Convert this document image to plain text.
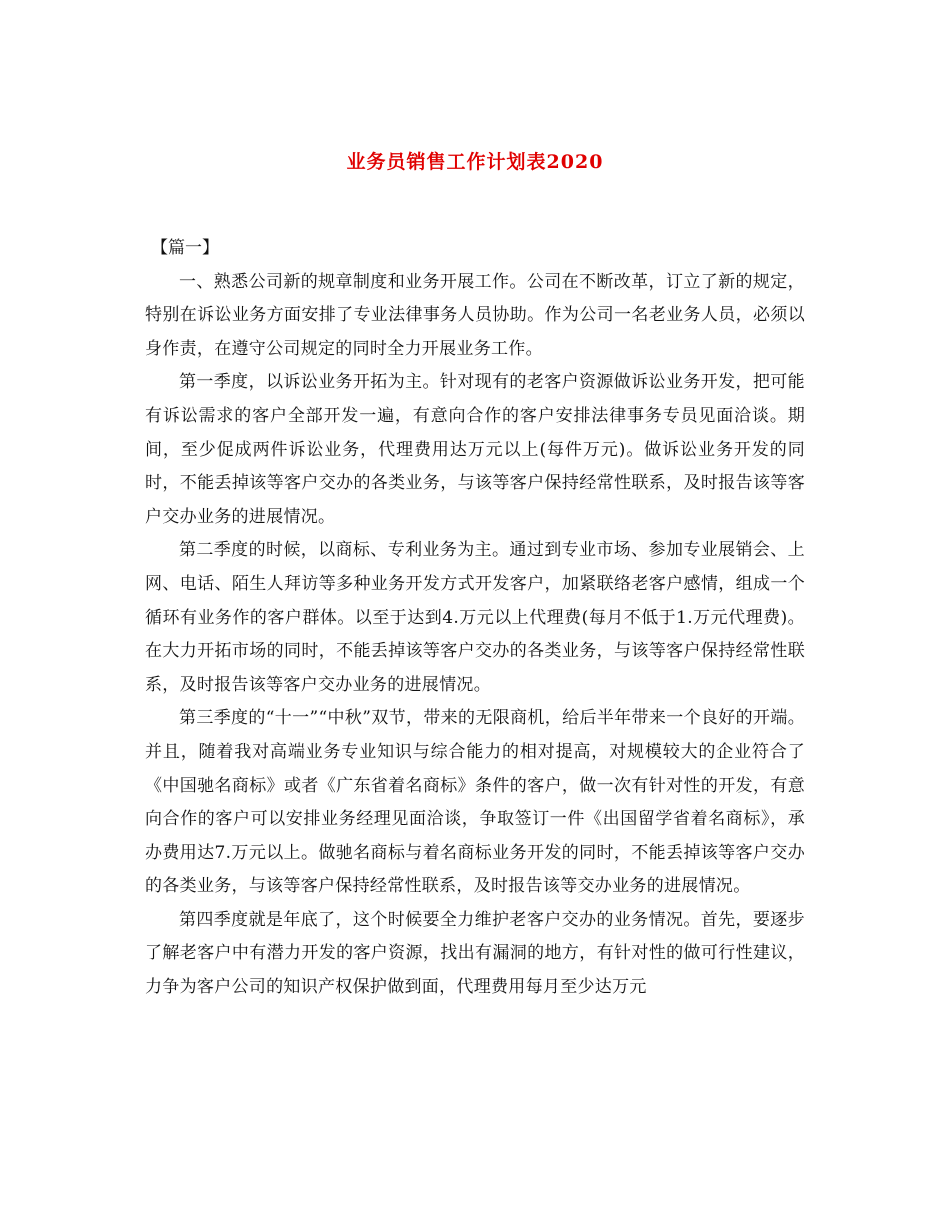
业务员销售工作计划表2020

【篇一】

一、熟悉公司新的规章制度和业务开展工作。公司在不断改革，订立了新的规定，特别在诉讼业务方面安排了专业法律事务人员协助。作为公司一名老业务人员，必须以身作责，在遵守公司规定的同时全力开展业务工作。

第一季度，以诉讼业务开拓为主。针对现有的老客户资源做诉讼业务开发，把可能有诉讼需求的客户全部开发一遍，有意向合作的客户安排法律事务专员见面洽谈。期间，至少促成两件诉讼业务，代理费用达万元以上(每件万元)。做诉讼业务开发的同时，不能丢掉该等客户交办的各类业务，与该等客户保持经常性联系，及时报告该等客户交办业务的进展情况。

第二季度的时候，以商标、专利业务为主。通过到专业市场、参加专业展销会、上网、电话、陌生人拜访等多种业务开发方式开发客户，加紧联络老客户感情，组成一个循环有业务作的客户群体。以至于达到4.万元以上代理费(每月不低于1.万元代理费)。在大力开拓市场的同时，不能丢掉该等客户交办的各类业务，与该等客户保持经常性联系，及时报告该等客户交办业务的进展情况。

第三季度的“十一”“中秋”双节，带来的无限商机，给后半年带来一个良好的开端。并且，随着我对高端业务专业知识与综合能力的相对提高，对规模较大的企业符合了《中国驰名商标》或者《广东省着名商标》条件的客户，做一次有针对性的开发，有意向合作的客户可以安排业务经理见面洽谈，争取签订一件《出国留学省着名商标》，承办费用达7.万元以上。做驰名商标与着名商标业务开发的同时，不能丢掉该等客户交办的各类业务，与该等客户保持经常性联系，及时报告该等交办业务的进展情况。

第四季度就是年底了，这个时候要全力维护老客户交办的业务情况。首先，要逐步了解老客户中有潜力开发的客户资源，找出有漏洞的地方，有针对性的做可行性建议，力争为客户公司的知识产权保护做到面，代理费用每月至少达万元
